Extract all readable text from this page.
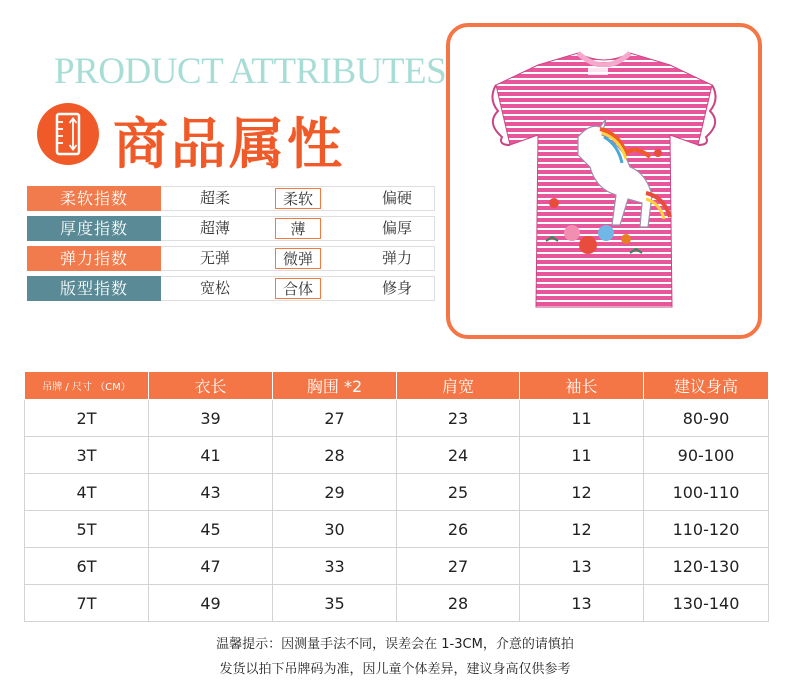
PRODUCT ATTRIBUTES
商品属性
柔软指数	超柔	柔软	偏硬
厚度指数	超薄	薄	偏厚
弹力指数	无弹	微弹	弹力
版型指数	宽松	合体	修身
吊牌 / 尺寸 （CM）	衣长	胸围 *2	肩宽	袖长	建议身高
2T	39	27	23	11	80-90
3T	41	28	24	11	90-100
4T	43	29	25	12	100-110
5T	45	30	26	12	110-120
6T	47	33	27	13	120-130
7T	49	35	28	13	130-140
温馨提示：因测量手法不同，误差会在 1-3CM，介意的请慎拍
发货以拍下吊牌码为准，因儿童个体差异，建议身高仅供参考
